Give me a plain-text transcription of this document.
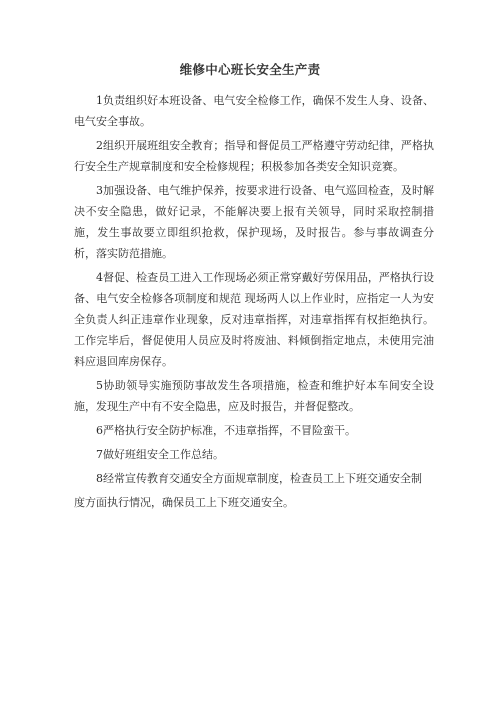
维修中心班长安全生产责

1负责组织好本班设备、电气安全检修工作，确保不发生人身、设备、电气安全事故。

2组织开展班组安全教育；指导和督促员工严格遵守劳动纪律，严格执行安全生产规章制度和安全检修规程；积极参加各类安全知识竞赛。

3加强设备、电气维护保养，按要求进行设备、电气巡回检查，及时解决不安全隐患，做好记录，不能解决要上报有关领导，同时采取控制措施，发生事故要立即组织抢救，保护现场，及时报告。参与事故调查分析，落实防范措施。

4督促、检查员工进入工作现场必须正常穿戴好劳保用品，严格执行设备、电气安全检修各项制度和规范 现场两人以上作业时，应指定一人为安全负责人纠正违章作业现象，反对违章指挥，对违章指挥有权拒绝执行。工作完毕后，督促使用人员应及时将废油、料倾倒指定地点，未使用完油料应退回库房保存。

5协助领导实施预防事故发生各项措施，检查和维护好本车间安全设施，发现生产中有不安全隐患，应及时报告，并督促整改。

6严格执行安全防护标准，不违章指挥，不冒险蛮干。

7做好班组安全工作总结。

8经常宣传教育交通安全方面规章制度，检查员工上下班交通安全制

度方面执行情况，确保员工上下班交通安全。
